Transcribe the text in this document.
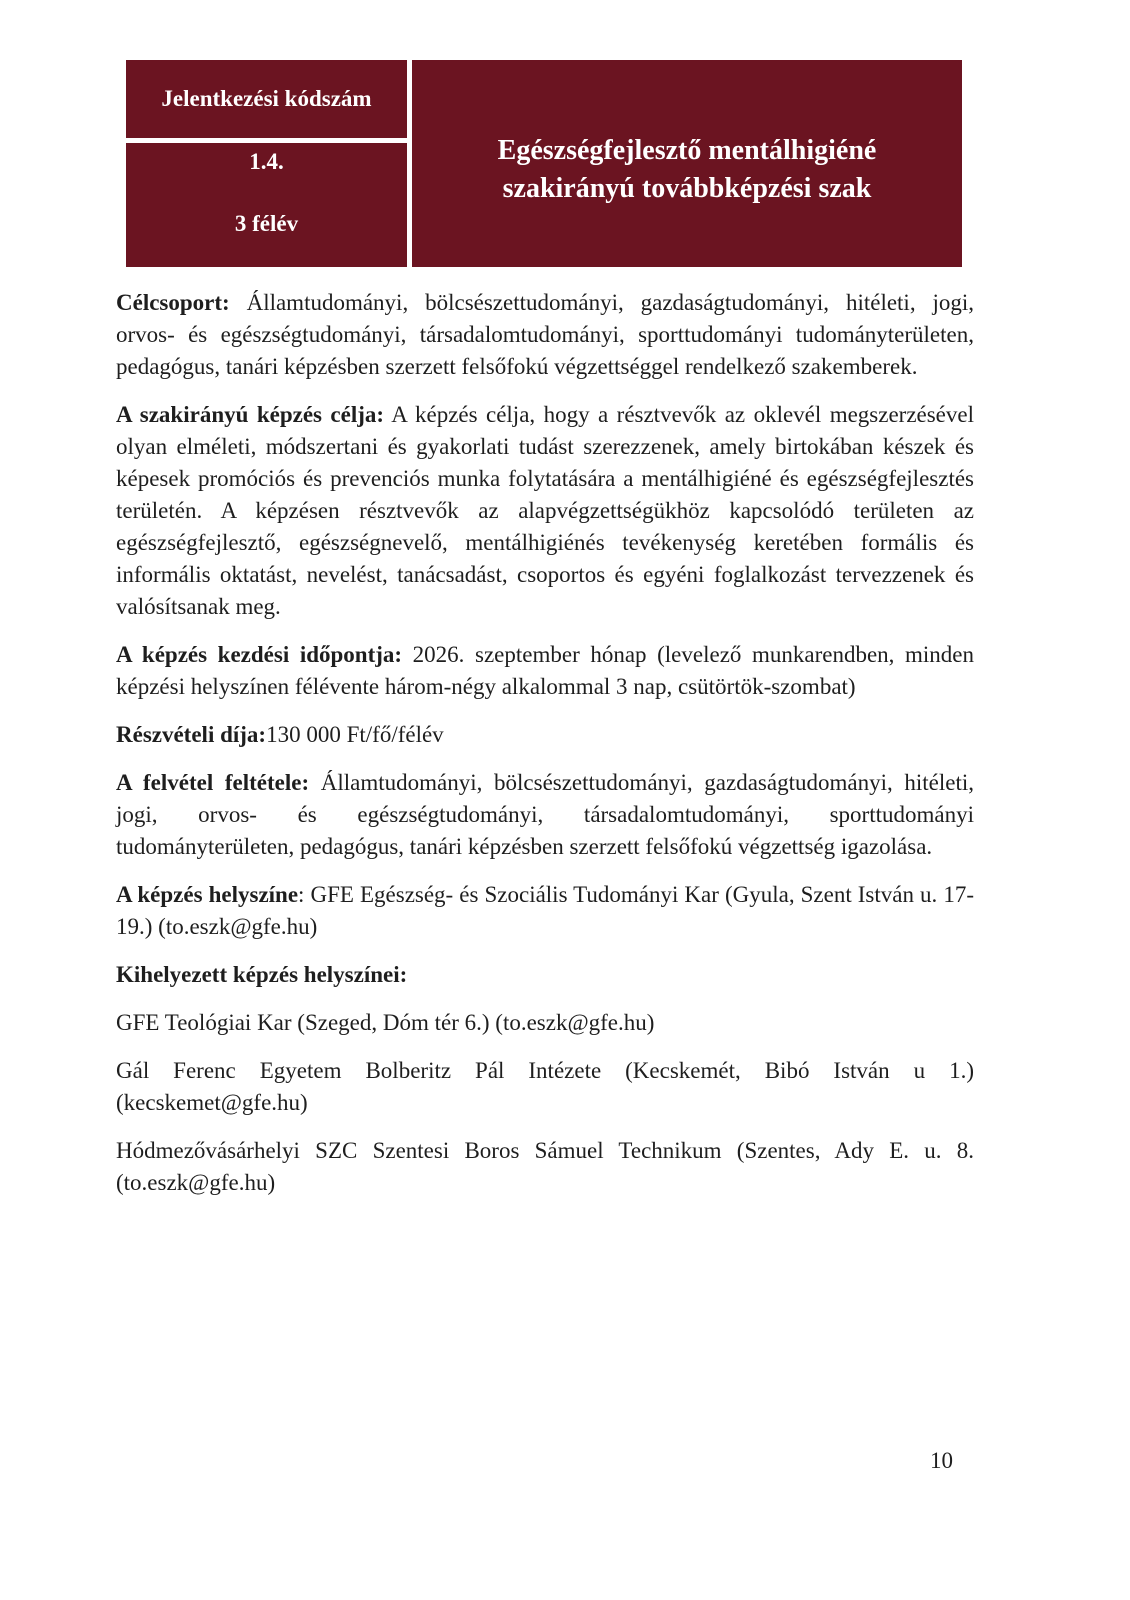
Jelentkezési kódszám
1.4.
3 félév
Egészségfejlesztő mentálhigiéné
szakirányú továbbképzési szak

Célcsoport: Államtudományi, bölcsészettudományi, gazdaságtudományi, hitéleti, jogi, orvos- és egészségtudományi, társadalomtudományi, sporttudományi tudományterületen, pedagógus, tanári képzésben szerzett felsőfokú végzettséggel rendelkező szakemberek.

A szakirányú képzés célja: A képzés célja, hogy a résztvevők az oklevél megszerzésével olyan elméleti, módszertani és gyakorlati tudást szerezzenek, amely birtokában készek és képesek promóciós és prevenciós munka folytatására a mentálhigiéné és egészségfejlesztés területén. A képzésen résztvevők az alapvégzettségükhöz kapcsolódó területen az egészségfejlesztő, egészségnevelő, mentálhigiénés tevékenység keretében formális és informális oktatást, nevelést, tanácsadást, csoportos és egyéni foglalkozást tervezzenek és valósítsanak meg.

A képzés kezdési időpontja: 2026. szeptember hónap (levelező munkarendben, minden képzési helyszínen félévente három-négy alkalommal 3 nap, csütörtök-szombat)

Részvételi díja:130 000 Ft/fő/félév

A felvétel feltétele: Államtudományi, bölcsészettudományi, gazdaságtudományi, hitéleti, jogi, orvos- és egészségtudományi, társadalomtudományi, sporttudományi tudományterületen, pedagógus, tanári képzésben szerzett felsőfokú végzettség igazolása.

A képzés helyszíne: GFE Egészség- és Szociális Tudományi Kar (Gyula, Szent István u. 17-19.) (to.eszk@gfe.hu)

Kihelyezett képzés helyszínei:

GFE Teológiai Kar (Szeged, Dóm tér 6.) (to.eszk@gfe.hu)

Gál Ferenc Egyetem Bolberitz Pál Intézete (Kecskemét, Bibó István u 1.) (kecskemet@gfe.hu)

Hódmezővásárhelyi SZC Szentesi Boros Sámuel Technikum (Szentes, Ady E. u. 8. (to.eszk@gfe.hu)

10
